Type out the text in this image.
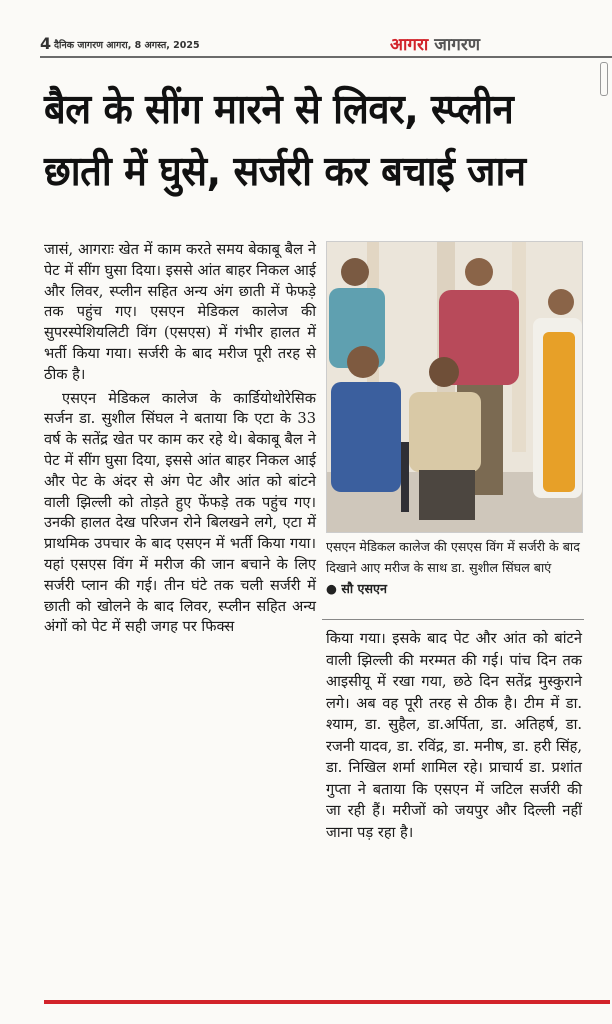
4 दैनिक जागरण आगरा, 8 अगस्त, 2025	आगरा जागरण
बैल के सींग मारने से लिवर, स्प्लीन
छाती में घुसे, सर्जरी कर बचाई जान

जासं, आगराः खेत में काम करते समय बेकाबू बैल ने पेट में सींग घुसा दिया। इससे आंत बाहर निकल आई और लिवर, स्प्लीन सहित अन्य अंग छाती में फेफड़े तक पहुंच गए। एसएन मेडिकल कालेज की सुपरस्पेशियलिटी विंग (एसएस) में गंभीर हालत में भर्ती किया गया। सर्जरी के बाद मरीज पूरी तरह से ठीक है।

एसएन मेडिकल कालेज के कार्डियोथोरेसिक सर्जन डा. सुशील सिंघल ने बताया कि एटा के 33 वर्ष के सतेंद्र खेत पर काम कर रहे थे। बेकाबू बैल ने पेट में सींग घुसा दिया, इससे आंत बाहर निकल आई और पेट के अंदर से अंग पेट और आंत को बांटने वाली झिल्ली को तोड़ते हुए फेंफड़े तक पहुंच गए। उनकी हालत देख परिजन रोने बिलखने लगे, एटा में प्राथमिक उपचार के बाद एसएन में भर्ती किया गया। यहां एसएस विंग में मरीज की जान बचाने के लिए सर्जरी प्लान की गई। तीन घंटे तक चली सर्जरी में छाती को खोलने के बाद लिवर, स्प्लीन सहित अन्य अंगों को पेट में सही जगह पर फिक्स

एसएन मेडिकल कालेज की एसएस विंग में सर्जरी के बाद दिखाने आए मरीज के साथ डा. सुशील सिंघल बाएं ● सौ एसएन

किया गया। इसके बाद पेट और आंत को बांटने वाली झिल्ली की मरम्मत की गई। पांच दिन तक आइसीयू में रखा गया, छठे दिन सतेंद्र मुस्कुराने लगे। अब वह पूरी तरह से ठीक है। टीम में डा. श्याम, डा. सुहैल, डा.अर्पिता, डा. अतिहर्ष, डा. रजनी यादव, डा. रविंद्र, डा. मनीष, डा. हरी सिंह, डा. निखिल शर्मा शामिल रहे। प्राचार्य डा. प्रशांत गुप्ता ने बताया कि एसएन में जटिल सर्जरी की जा रही हैं। मरीजों को जयपुर और दिल्ली नहीं जाना पड़ रहा है।
